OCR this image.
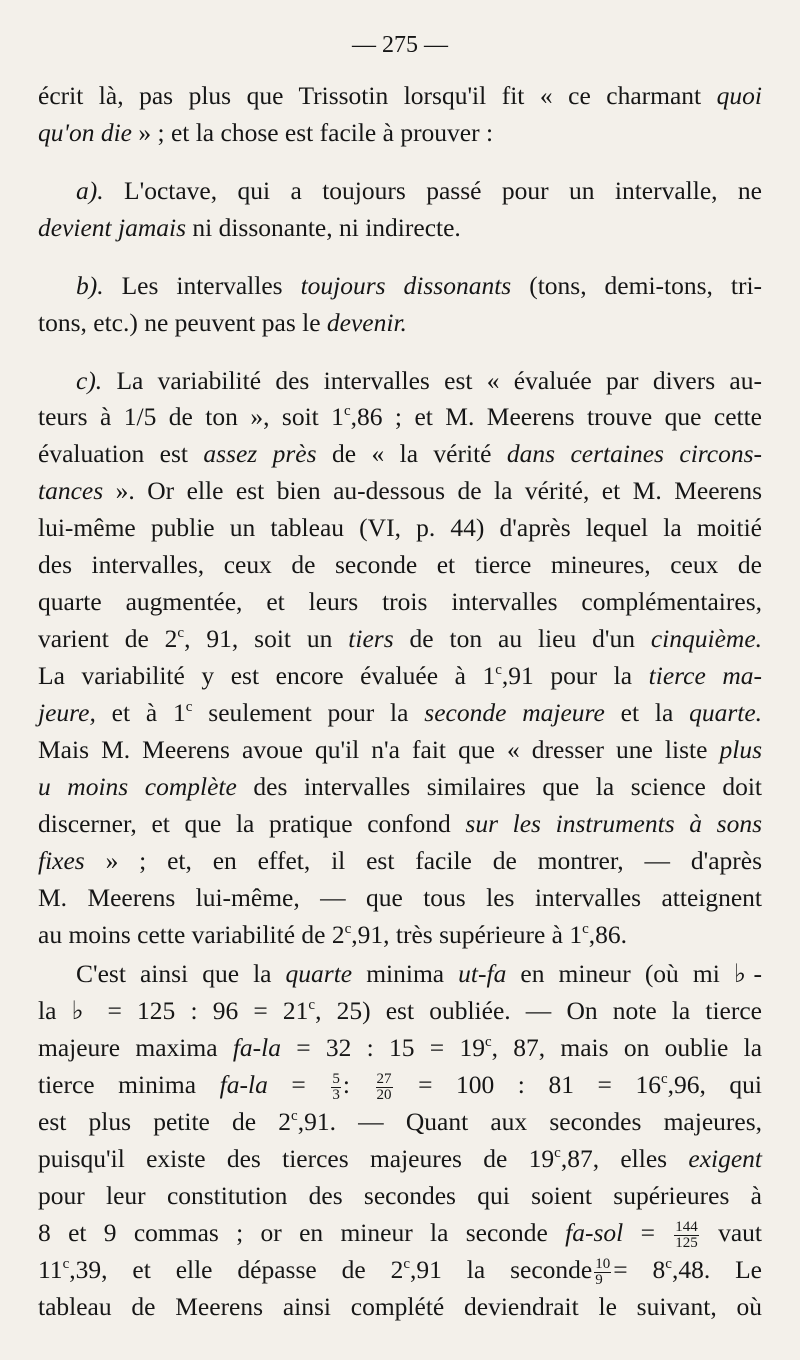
— 275 —
écrit là, pas plus que Trissotin lorsqu'il fit « ce charmant quoi
qu'on die » ; et la chose est facile à prouver :
a). L'octave, qui a toujours passé pour un intervalle, ne
devient jamais ni dissonante, ni indirecte.
b). Les intervalles toujours dissonants (tons, demi-tons, tri-
tons, etc.) ne peuvent pas le devenir.
c). La variabilité des intervalles est « évaluée par divers au-
teurs à 1/5 de ton », soit 1$^c$,86 ; et M. Meerens trouve que cette
évaluation est assez près de « la vérité dans certaines circons-
tances ». Or elle est bien au-dessous de la vérité, et M. Meerens
lui-même publie un tableau (VI, p. 44) d'après lequel la moitié
des intervalles, ceux de seconde et tierce mineures, ceux de
quarte augmentée, et leurs trois intervalles complémentaires,
varient de 2$^c$, 91, soit un tiers de ton au lieu d'un cinquième.
La variabilité y est encore évaluée à 1$^c$,91 pour la tierce ma-
jeure, et à 1$^c$ seulement pour la seconde majeure et la quarte.
Mais M. Meerens avoue qu'il n'a fait que « dresser une liste plus
u moins complète des intervalles similaires que la science doit
discerner, et que la pratique confond sur les instruments à sons
fixes » ; et, en effet, il est facile de montrer, — d'après
M. Meerens lui-même, — que tous les intervalles atteignent
au moins cette variabilité de 2$^c$,91, très supérieure à 1$^c$,86.
C'est ainsi que la quarte minima ut-fa en mineur (où mi ♭-
la ♭ = 125 : $96 = 21^c$, 25) est oubliée. — On note la tierce
majeure maxima fa-la = 32 : $15 = 19^c$, 87, mais on oublie la
tierce minima $fa-la = \frac{5}{3}$ : $\frac{27}{20} = 100$ : $81 = 16^c,96$, qui
est plus petite de 2$^c$,91. — Quant aux secondes majeures,
puisqu'il existe des tierces majeures de 19$^c$,87, elles exigent
pour leur constitution des secondes qui soient supérieures à
8 et 9 commas ; or en mineur la seconde $fa-sol = \frac{144}{125}$ vaut
11$^c$,39, et elle dépasse de 2$^c$,91 la seconde $\frac{10}{9} = 8^c,48$. Le
tableau de Meerens ainsi complété deviendrait le suivant, où
